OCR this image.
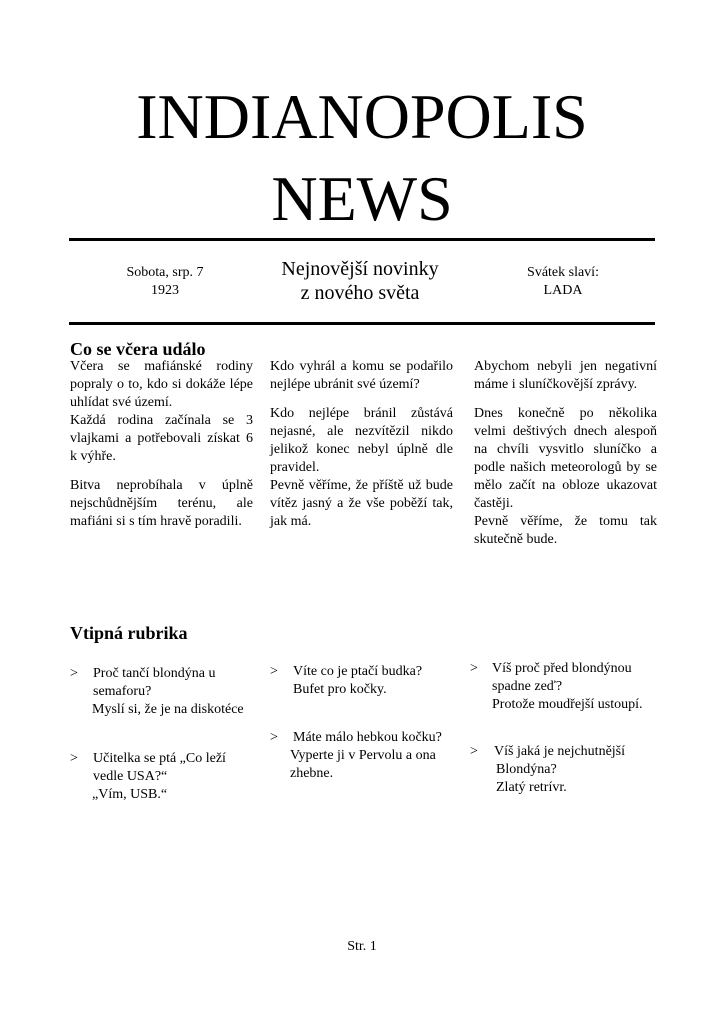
INDIANOPOLIS
NEWS
Sobota, srp. 7
1923
Nejnovější novinky
z nového světa
Svátek slaví:
LADA
Co se včera událo

Včera se mafiánské rodiny popraly o to, kdo si dokáže lépe uhlídat své území.

Každá rodina začínala se 3 vlajkami a potřebovali získat 6 k výhře.

Bitva neprobíhala v úplně nejschůdnějším terénu, ale mafiáni si s tím hravě poradili.

Kdo vyhrál a komu se podařilo nejlépe ubránit své území?

Kdo nejlépe bránil zůstává nejasné, ale nezvítězil nikdo jelikož konec nebyl úplně dle pravidel.

Pevně věříme, že příště už bude vítěz jasný a že vše poběží tak, jak má.

Abychom nebyli jen negativní máme i sluníčkovější zprávy.

Dnes konečně po několika velmi deštivých dnech alespoň na chvíli vysvitlo sluníčko a podle našich meteorologů by se mělo začít na obloze ukazovat častěji.

Pevně věříme, že tomu tak skutečně bude.

Vtipná rubrika
>	Proč tančí blondýna u
semaforu?
Myslí si, že je na diskotéce
>	Víte co je ptačí budka?
Bufet pro kočky.
>	Víš proč před blondýnou
spadne zeď?
Protože moudřejší ustoupí.
>	Učitelka se ptá „Co leží
vedle USA?“
„Vím, USB.“
>	Máte málo hebkou kočku?
Vyperte ji v Pervolu a ona zhebne.
>	Víš jaká je nejchutnější
Blondýna?
Zlatý retrívr.
Str. 1
